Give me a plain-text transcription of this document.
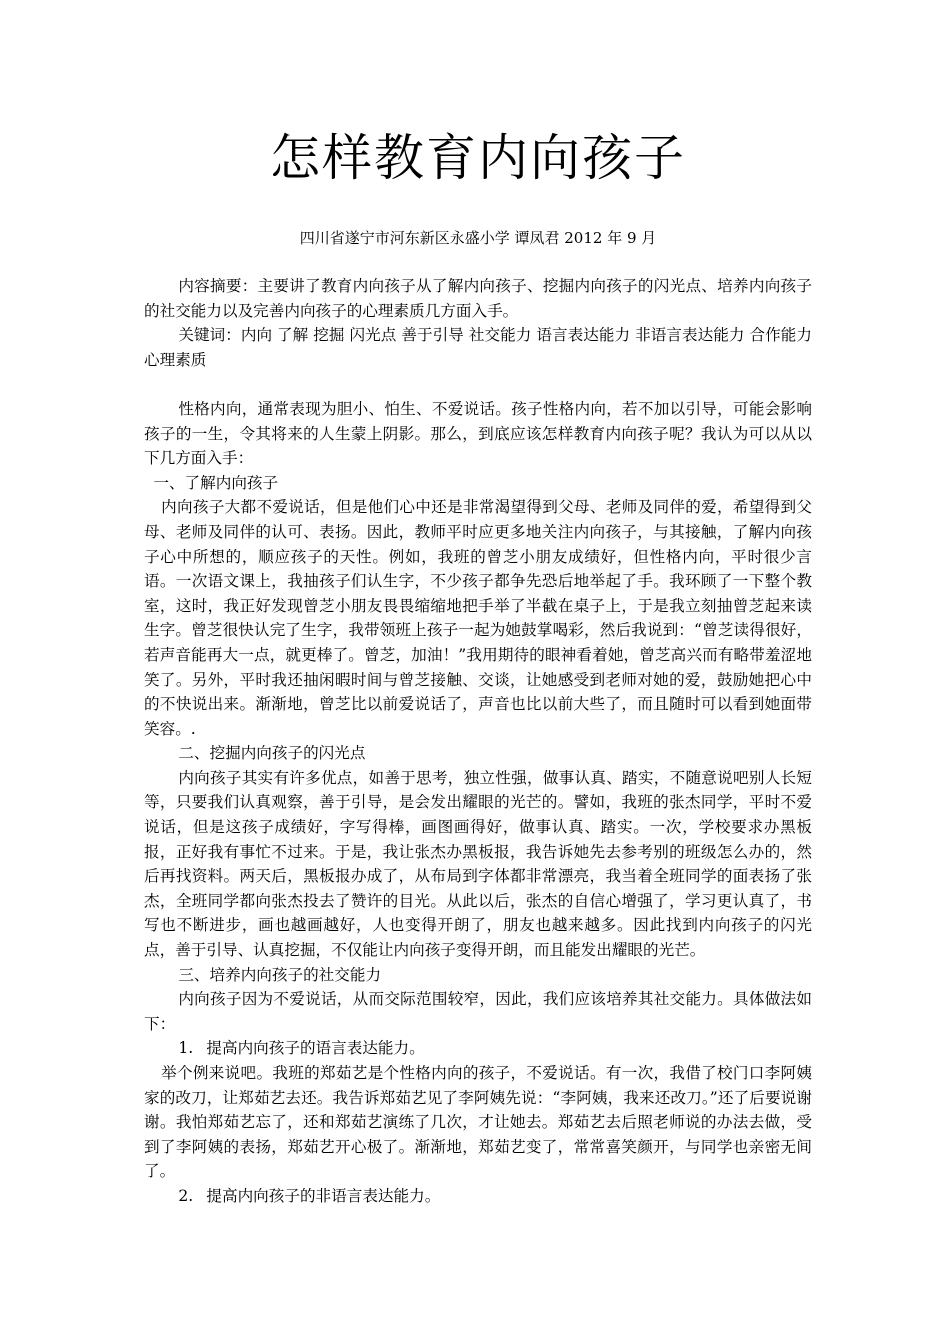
怎样教育内向孩子

四川省遂宁市河东新区永盛小学 谭凤君 2012 年 9 月

内容摘要：主要讲了教育内向孩子从了解内向孩子、挖掘内向孩子的闪光点、培养内向孩子的社交能力以及完善内向孩子的心理素质几方面入手。

关键词：内向 了解 挖掘 闪光点 善于引导 社交能力 语言表达能力 非语言表达能力 合作能力 心理素质

性格内向，通常表现为胆小、怕生、不爱说话。孩子性格内向，若不加以引导，可能会影响孩子的一生，令其将来的人生蒙上阴影。那么，到底应该怎样教育内向孩子呢？我认为可以从以下几方面入手：

一、了解内向孩子

内向孩子大都不爱说话，但是他们心中还是非常渴望得到父母、老师及同伴的爱，希望得到父母、老师及同伴的认可、表扬。因此，教师平时应更多地关注内向孩子，与其接触，了解内向孩子心中所想的，顺应孩子的天性。例如，我班的曾芝小朋友成绩好，但性格内向，平时很少言语。一次语文课上，我抽孩子们认生字，不少孩子都争先恐后地举起了手。我环顾了一下整个教室，这时，我正好发现曾芝小朋友畏畏缩缩地把手举了半截在桌子上，于是我立刻抽曾芝起来读生字。曾芝很快认完了生字，我带领班上孩子一起为她鼓掌喝彩，然后我说到：“曾芝读得很好，若声音能再大一点，就更棒了。曾芝，加油！”我用期待的眼神看着她，曾芝高兴而有略带羞涩地笑了。另外，平时我还抽闲暇时间与曾芝接触、交谈，让她感受到老师对她的爱，鼓励她把心中的不快说出来。渐渐地，曾芝比以前爱说话了，声音也比以前大些了，而且随时可以看到她面带笑容。.

二、挖掘内向孩子的闪光点

内向孩子其实有许多优点，如善于思考，独立性强，做事认真、踏实，不随意说吧别人长短等，只要我们认真观察，善于引导，是会发出耀眼的光芒的。譬如，我班的张杰同学，平时不爱说话，但是这孩子成绩好，字写得棒，画图画得好，做事认真、踏实。一次，学校要求办黑板报，正好我有事忙不过来。于是，我让张杰办黑板报，我告诉她先去参考别的班级怎么办的，然后再找资料。两天后，黑板报办成了，从布局到字体都非常漂亮，我当着全班同学的面表扬了张杰，全班同学都向张杰投去了赞许的目光。从此以后，张杰的自信心增强了，学习更认真了，书写也不断进步，画也越画越好，人也变得开朗了，朋友也越来越多。因此找到内向孩子的闪光点，善于引导、认真挖掘，不仅能让内向孩子变得开朗，而且能发出耀眼的光芒。

三、培养内向孩子的社交能力

内向孩子因为不爱说话，从而交际范围较窄，因此，我们应该培养其社交能力。具体做法如下：

1. 提高内向孩子的语言表达能力。

举个例来说吧。我班的郑茹艺是个性格内向的孩子，不爱说话。有一次，我借了校门口李阿姨家的改刀，让郑茹艺去还。我告诉郑茹艺见了李阿姨先说：“李阿姨，我来还改刀。”还了后要说谢谢。我怕郑茹艺忘了，还和郑茹艺演练了几次，才让她去。郑茹艺去后照老师说的办法去做，受到了李阿姨的表扬，郑茹艺开心极了。渐渐地，郑茹艺变了，常常喜笑颜开，与同学也亲密无间了。

2. 提高内向孩子的非语言表达能力。
